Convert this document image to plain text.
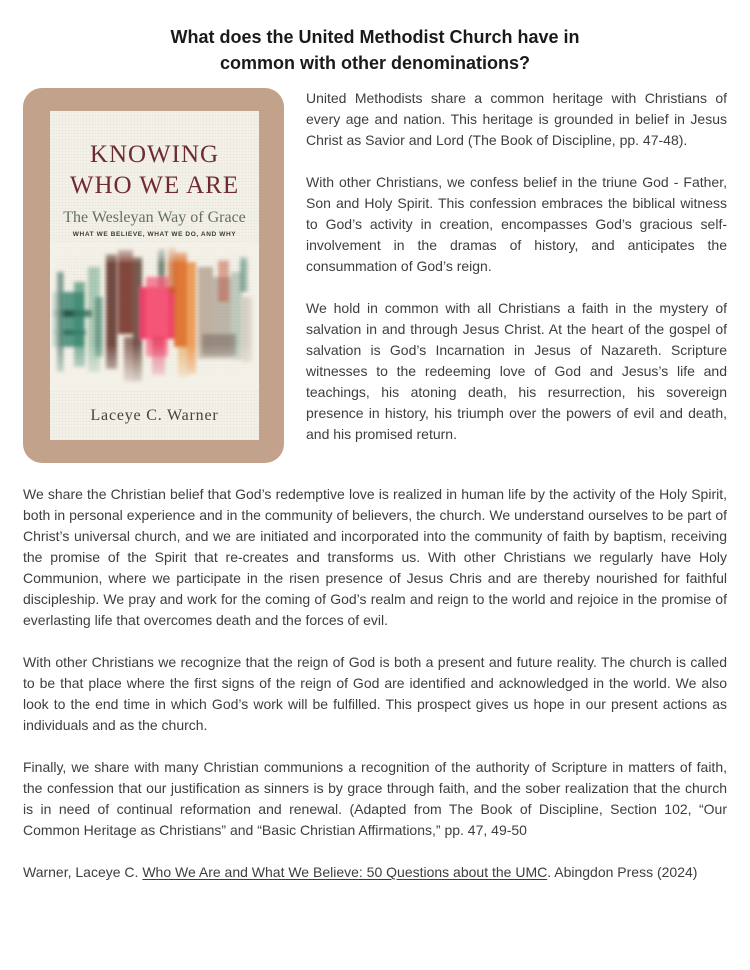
What does the United Methodist Church have in
common with other denominations?
KNOWING
WHO WE ARE
The Wesleyan Way of Grace
WHAT WE BELIEVE, WHAT WE DO, AND WHY
Laceye C. Warner

United Methodists share a common heritage with Christians of every age and nation. This heritage is grounded in belief in Jesus Christ as Savior and Lord (The Book of Discipline, pp. 47-48).

With other Christians, we confess belief in the triune God - Father, Son and Holy Spirit. This confession embraces the biblical witness to God’s activity in creation, encompasses God’s gracious self-involvement in the dramas of history, and anticipates the consummation of God’s reign.

We hold in common with all Christians a faith in the mystery of salvation in and through Jesus Christ. At the heart of the gospel of salvation is God’s Incarnation in Jesus of Nazareth. Scripture witnesses to the redeeming love of God and Jesus’s life and teachings, his atoning death, his resurrection, his sovereign presence in history, his triumph over the powers of evil and death, and his promised return.

We share the Christian belief that God’s redemptive love is realized in human life by the activity of the Holy Spirit, both in personal experience and in the community of believers, the church. We understand ourselves to be part of Christ’s universal church, and we are initiated and incorporated into the community of faith by baptism, receiving the promise of the Spirit that re-creates and transforms us. With other Christians we regularly have Holy Communion, where we participate in the risen presence of Jesus Chris and are thereby nourished for faithful discipleship. We pray and work for the coming of God’s realm and reign to the world and rejoice in the promise of everlasting life that overcomes death and the forces of evil.

With other Christians we recognize that the reign of God is both a present and future reality. The church is called to be that place where the first signs of the reign of God are identified and acknowledged in the world. We also look to the end time in which God’s work will be fulfilled. This prospect gives us hope in our present actions as individuals and as the church.

Finally, we share with many Christian communions a recognition of the authority of Scripture in matters of faith, the confession that our justification as sinners is by grace through faith, and the sober realization that the church is in need of continual reformation and renewal. (Adapted from The Book of Discipline, Section 102, “Our Common Heritage as Christians” and “Basic Christian Affirmations,” pp. 47, 49-50

Warner, Laceye C. Who We Are and What We Believe: 50 Questions about the UMC. Abingdon Press (2024)
